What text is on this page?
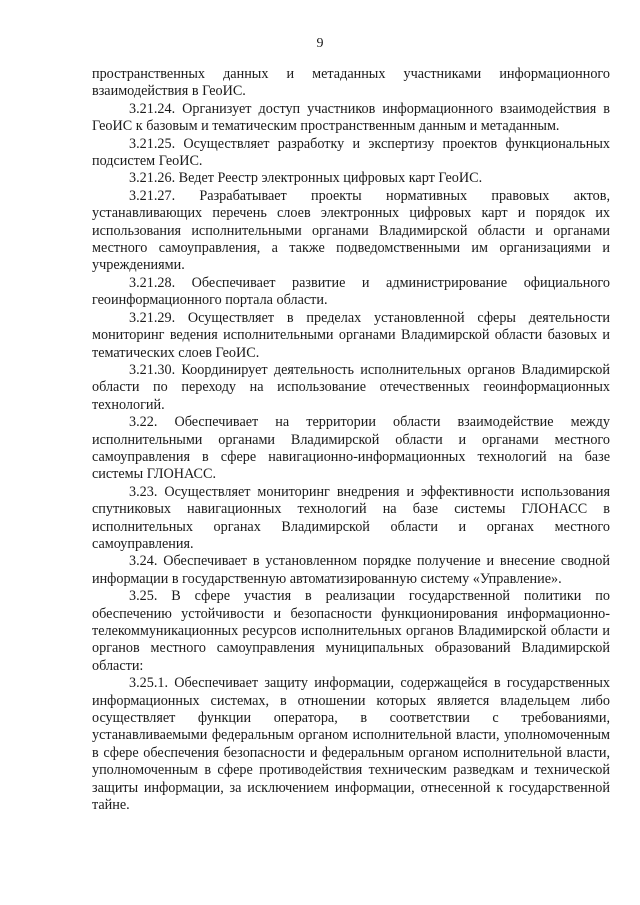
9

пространственных данных и метаданных участниками информационного взаимодействия в ГеоИС.

3.21.24. Организует доступ участников информационного взаимодействия в ГеоИС к базовым и тематическим пространственным данным и метаданным.

3.21.25. Осуществляет разработку и экспертизу проектов функциональных подсистем ГеоИС.

3.21.26. Ведет Реестр электронных цифровых карт ГеоИС.

3.21.27. Разрабатывает проекты нормативных правовых актов, устанавливающих перечень слоев электронных цифровых карт и порядок их использования исполнительными органами Владимирской области и органами местного самоуправления, а также подведомственными им организациями и учреждениями.

3.21.28. Обеспечивает развитие и администрирование официального геоинформационного портала области.

3.21.29. Осуществляет в пределах установленной сферы деятельности мониторинг ведения исполнительными органами Владимирской области базовых и тематических слоев ГеоИС.

3.21.30. Координирует деятельность исполнительных органов Владимирской области по переходу на использование отечественных геоинформационных технологий.

3.22. Обеспечивает на территории области взаимодействие между исполнительными органами Владимирской области и органами местного самоуправления в сфере навигационно-информационных технологий на базе системы ГЛОНАСС.

3.23. Осуществляет мониторинг внедрения и эффективности использования спутниковых навигационных технологий на базе системы ГЛОНАСС в исполнительных органах Владимирской области и органах местного самоуправления.

3.24. Обеспечивает в установленном порядке получение и внесение сводной информации в государственную автоматизированную систему «Управление».

3.25. В сфере участия в реализации государственной политики по обеспечению устойчивости и безопасности функционирования информационно-телекоммуникационных ресурсов исполнительных органов Владимирской области и органов местного самоуправления муниципальных образований Владимирской области:

3.25.1. Обеспечивает защиту информации, содержащейся в государственных информационных системах, в отношении которых является владельцем либо осуществляет функции оператора, в соответствии с требованиями, устанавливаемыми федеральным органом исполнительной власти, уполномоченным в сфере обеспечения безопасности и федеральным органом исполнительной власти, уполномоченным в сфере противодействия техническим разведкам и технической защиты информации, за исключением информации, отнесенной к государственной тайне.
